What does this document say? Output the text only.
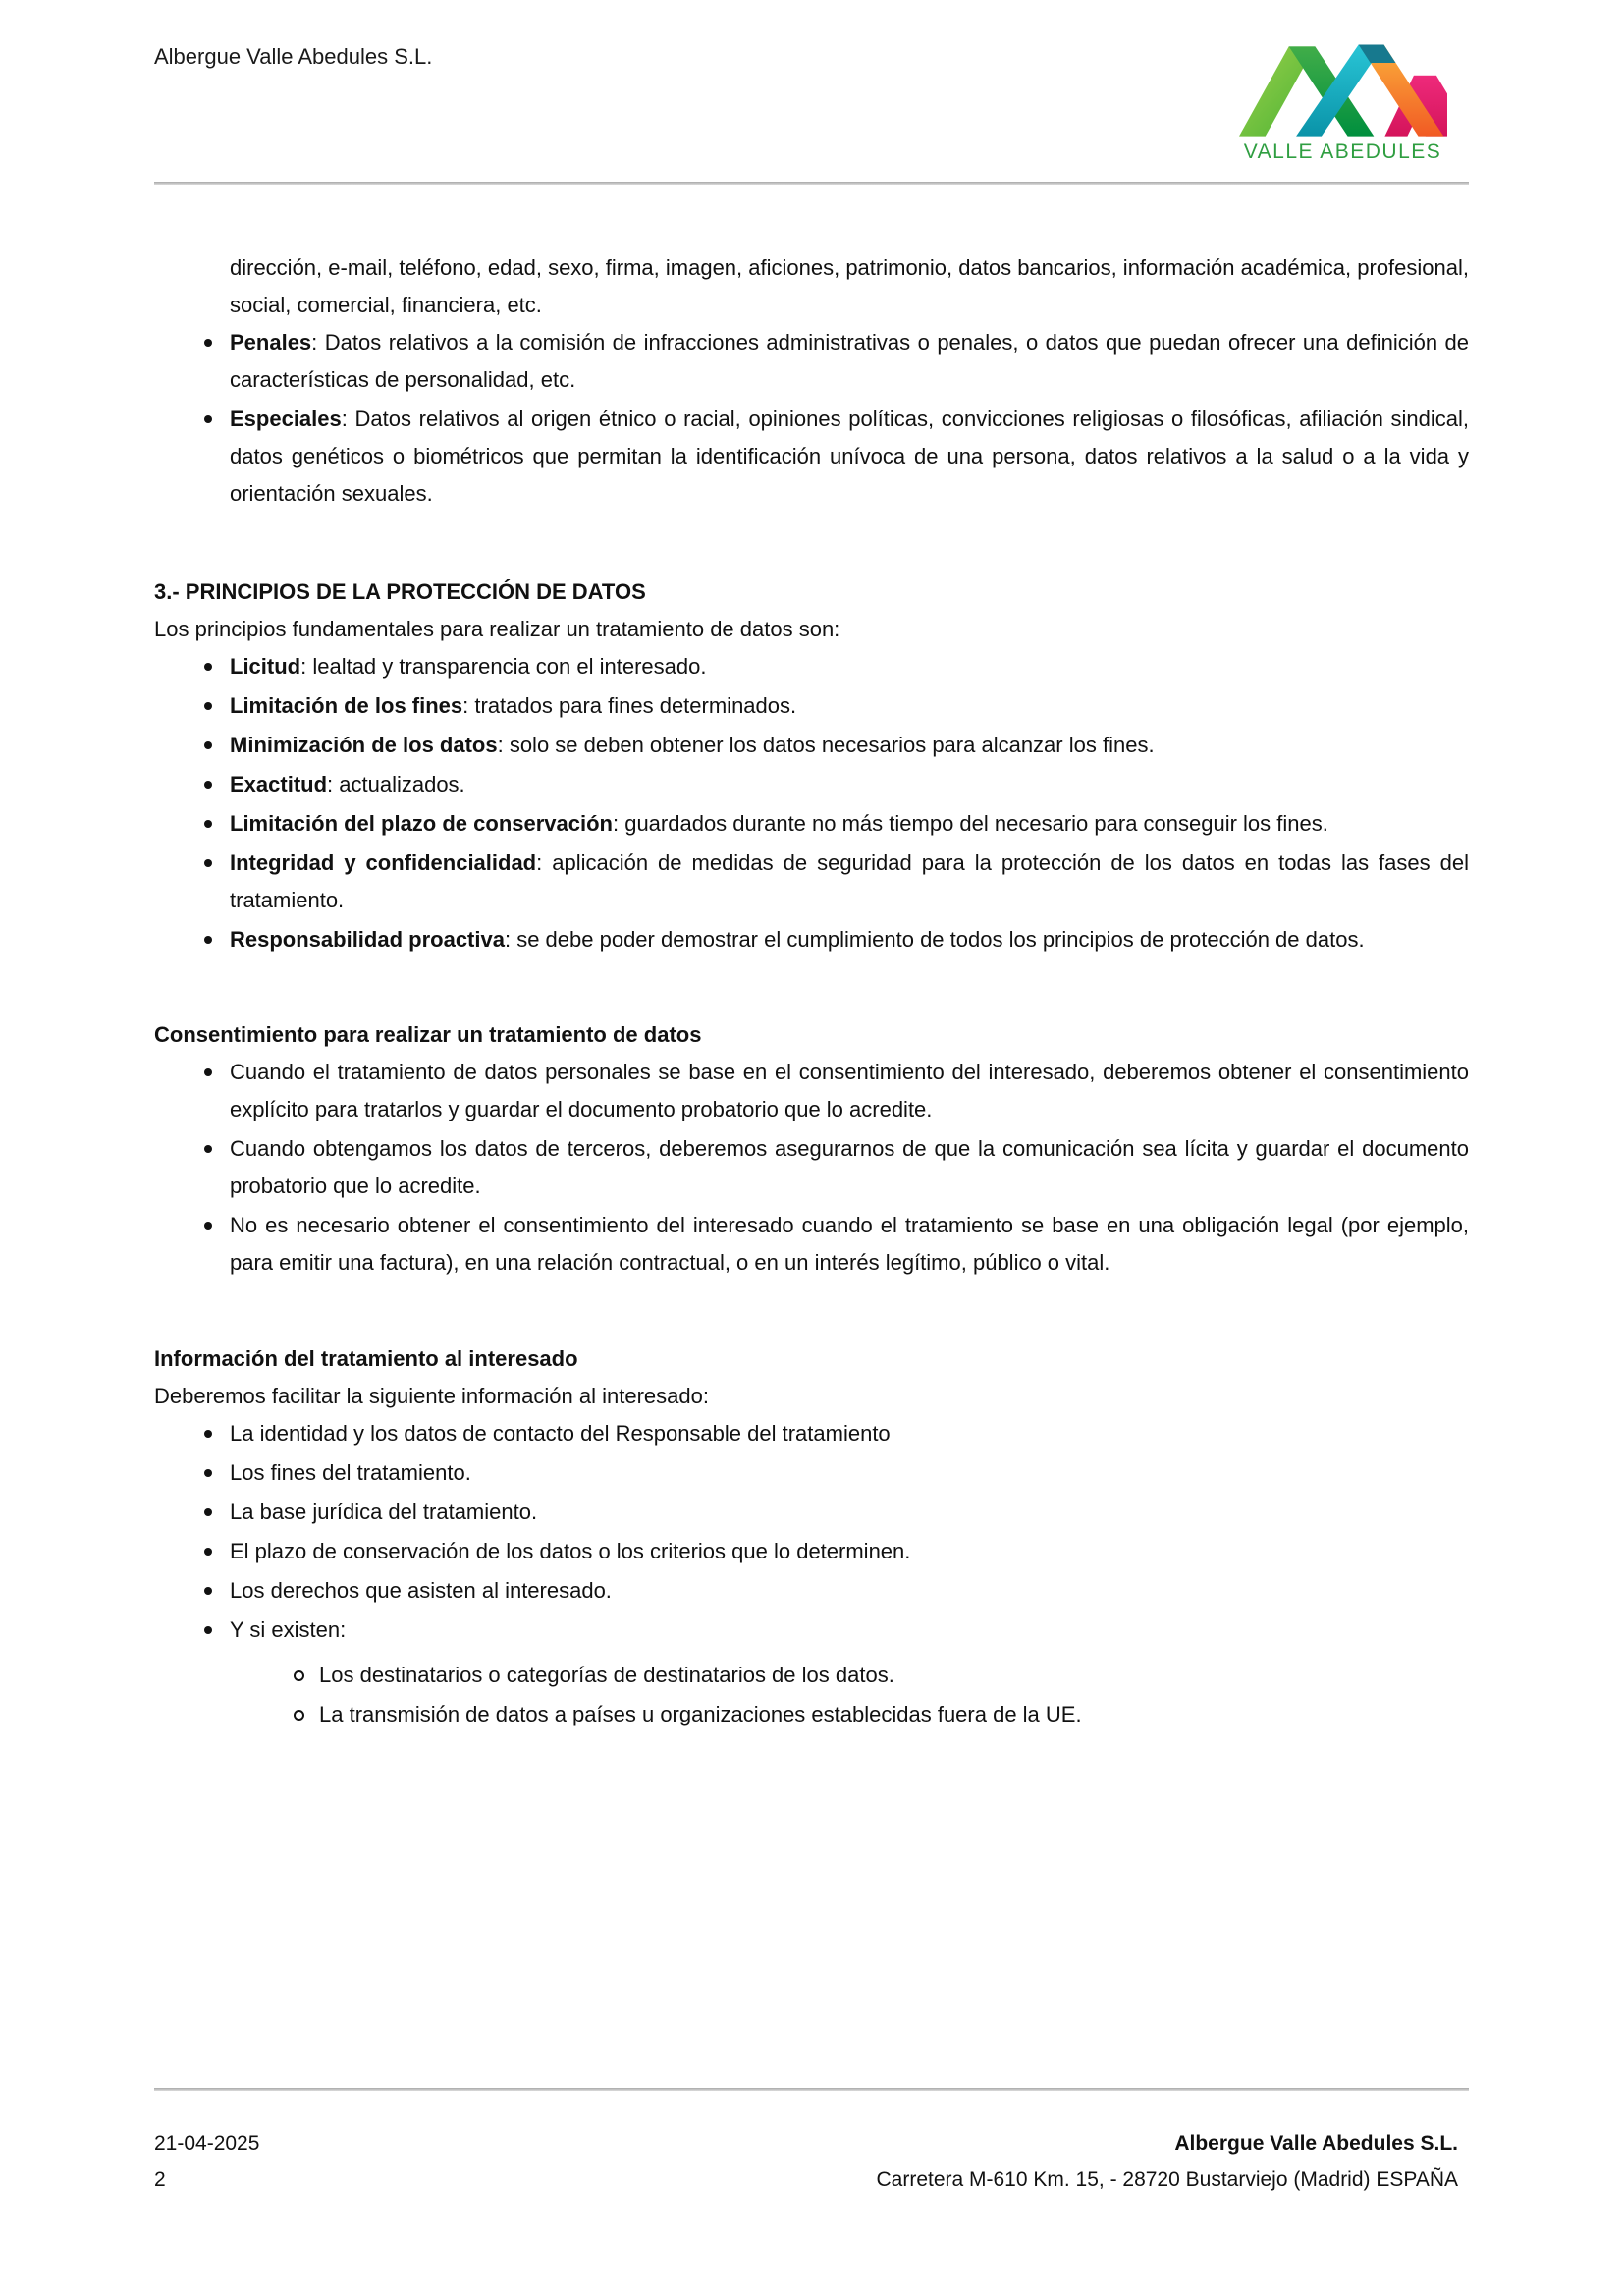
Albergue Valle Abedules S.L.
VALLE ABEDULES

dirección, e-mail, teléfono, edad, sexo, firma, imagen, aficiones, patrimonio, datos bancarios, información académica, profesional, social, comercial, financiera, etc.

Penales: Datos relativos a la comisión de infracciones administrativas o penales, o datos que puedan ofrecer una definición de características de personalidad, etc.
Especiales: Datos relativos al origen étnico o racial, opiniones políticas, convicciones religiosas o filosóficas, afiliación sindical, datos genéticos o biométricos que permitan la identificación unívoca de una persona, datos relativos a la salud o a la vida y orientación sexuales.
3.- PRINCIPIOS DE LA PROTECCIÓN DE DATOS

Los principios fundamentales para realizar un tratamiento de datos son:

Licitud: lealtad y transparencia con el interesado.
Limitación de los fines: tratados para fines determinados.
Minimización de los datos: solo se deben obtener los datos necesarios para alcanzar los fines.
Exactitud: actualizados.
Limitación del plazo de conservación: guardados durante no más tiempo del necesario para conseguir los fines.
Integridad y confidencialidad: aplicación de medidas de seguridad para la protección de los datos en todas las fases del tratamiento.
Responsabilidad proactiva: se debe poder demostrar el cumplimiento de todos los principios de protección de datos.
Consentimiento para realizar un tratamiento de datos
Cuando el tratamiento de datos personales se base en el consentimiento del interesado, deberemos obtener el consentimiento explícito para tratarlos y guardar el documento probatorio que lo acredite.
Cuando obtengamos los datos de terceros, deberemos asegurarnos de que la comunicación sea lícita y guardar el documento probatorio que lo acredite.
No es necesario obtener el consentimiento del interesado cuando el tratamiento se base en una obligación legal (por ejemplo, para emitir una factura), en una relación contractual, o en un interés legítimo, público o vital.
Información del tratamiento al interesado

Deberemos facilitar la siguiente información al interesado:

La identidad y los datos de contacto del Responsable del tratamiento
Los fines del tratamiento.
La base jurídica del tratamiento.
El plazo de conservación de los datos o los criterios que lo determinen.
Los derechos que asisten al interesado.
Y si existen:
Los destinatarios o categorías de destinatarios de los datos.
La transmisión de datos a países u organizaciones establecidas fuera de la UE.
21-04-2025
2
Albergue Valle Abedules S.L.
Carretera M-610 Km. 15, - 28720 Bustarviejo (Madrid) ESPAÑA
